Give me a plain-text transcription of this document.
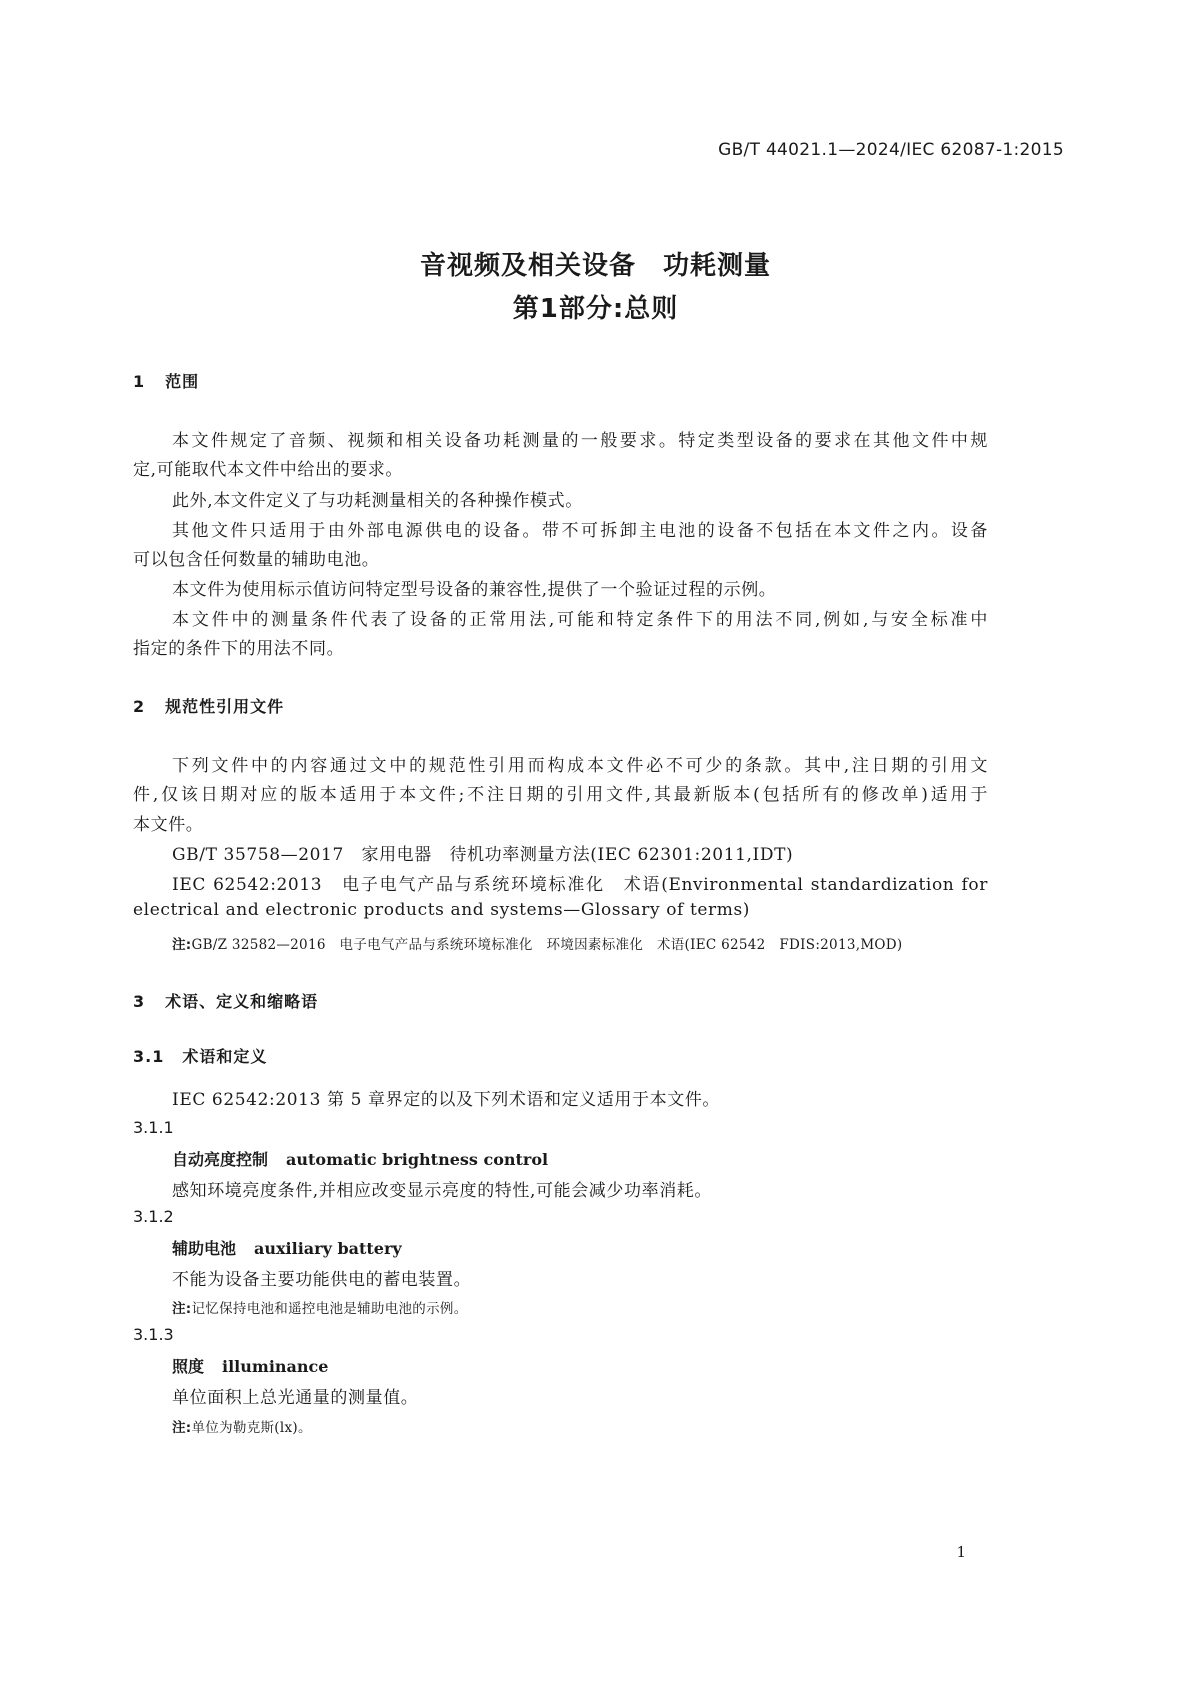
GB/T 44021.1—2024/IEC 62087-1:2015
音视频及相关设备　功耗测量
第1部分:总则
1 范围
本文件规定了音频、视频和相关设备功耗测量的一般要求。特定类型设备的要求在其他文件中规
定,可能取代本文件中给出的要求。
此外,本文件定义了与功耗测量相关的各种操作模式。
其他文件只适用于由外部电源供电的设备。带不可拆卸主电池的设备不包括在本文件之内。设备
可以包含任何数量的辅助电池。
本文件为使用标示值访问特定型号设备的兼容性,提供了一个验证过程的示例。
本文件中的测量条件代表了设备的正常用法,可能和特定条件下的用法不同,例如,与安全标准中
指定的条件下的用法不同。
2 规范性引用文件
下列文件中的内容通过文中的规范性引用而构成本文件必不可少的条款。其中,注日期的引用文
件,仅该日期对应的版本适用于本文件;不注日期的引用文件,其最新版本(包括所有的修改单)适用于
本文件。
GB/T 35758—2017　家用电器　待机功率测量方法(IEC 62301:2011,IDT)
IEC 62542:2013　电子电气产品与系统环境标准化　术语(Environmental standardization for
electrical and electronic products and systems—Glossary of terms)
注:GB/Z 32582—2016　电子电气产品与系统环境标准化　环境因素标准化　术语(IEC 62542　FDIS:2013,MOD)
3 术语、定义和缩略语
3.1 术语和定义
IEC 62542:2013 第 5 章界定的以及下列术语和定义适用于本文件。
3.1.1
自动亮度控制 automatic brightness control
感知环境亮度条件,并相应改变显示亮度的特性,可能会减少功率消耗。
3.1.2
辅助电池 auxiliary battery
不能为设备主要功能供电的蓄电装置。
注:记忆保持电池和遥控电池是辅助电池的示例。
3.1.3
照度 illuminance
单位面积上总光通量的测量值。
注:单位为勒克斯(lx)。
1
